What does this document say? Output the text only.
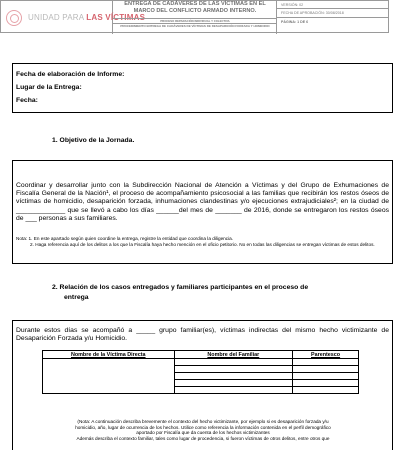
UNIDAD PARA LAS VÍCTIMAS
ENTREGA DE CADÁVERES DE LAS VÍCTIMAS EN EL MARCO DEL CONFLICTO ARMADO INTERNO.
PROCESO REPARACIÓN INDIVIDUAL Y COLECTIVA
PROCEDIMIENTO ENTREGA DE CADÁVERES DE VÍCTIMAS DE DESAPARICIÓN FORZADA Y HOMICIDIO
VERSIÓN: 02
FECHA DE APROBACIÓN: 30/08/2018
PÁGINA: 1 DE 6
Fecha de elaboración de Informe:
Lugar de la Entrega:
Fecha:
1. Objetivo de la Jornada.
Coordinar y desarrollar junto con la Subdirección Nacional de Atención a Víctimas y del Grupo de Exhumaciones de Fiscalía General de la Nación¹, el proceso de acompañamiento psicosocial a las familias que recibirán los restos óseos de víctimas de homicidio, desaparición forzada, inhumaciones clandestinas y/o ejecuciones extrajudiciales²; en la ciudad de _____________ que se llevó a cabo los días ______del mes de _______ de 2016, donde se entregaron los restos óseos de ___ personas a sus familiares.
Nota: 1. En este apartado según quien coordine la entrega, registre la entidad que coordina la diligencia.
2. Haga referencia aquí de los delitos a los que la Fiscalía haya hecho mención en el oficio petitorio. No en todas las diligencias se entregan víctimas de estos delitos.
2. Relación de los casos entregados y familiares participantes en el proceso de
entrega
Durante estos días se acompañó a _____ grupo familiar(es), víctimas indirectas del mismo hecho victimizante de Desaparición Forzada y/u Homicidio.
Nombre de la Víctima Directa	Nombre del Familiar	Parentesco

(Nota: A continuación describa brevemente el contexto del hecho victimizante, por ejemplo si es desaparición forzada y/u
homicidio, año, lugar de ocurrencia de los hechos. Utilice como referencia la información contenida en el perfil demográfico
aportado por Fiscalía que da cuenta de los hechos victimizantes
Además describa el contexto familiar, tales como lugar de procedencia, si fueron víctimas de otros delitos, entre otros que
